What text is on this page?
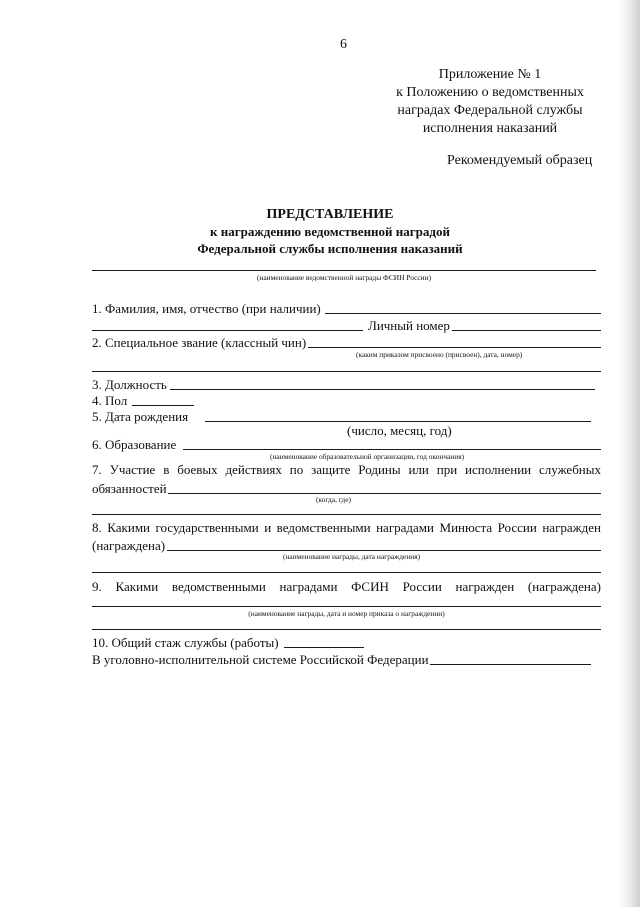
6
Приложение № 1
к Положению о ведомственных
наградах Федеральной службы
исполнения наказаний
Рекомендуемый образец
ПРЕДСТАВЛЕНИЕ
к награждению ведомственной наградой
Федеральной службы исполнения наказаний
(наименование ведомственной награды ФСИН России)
1. Фамилия, имя, отчество (при наличии)
Личный номер
2. Специальное звание (классный чин)
(каким приказом присвоено (присвоен), дата, номер)
3. Должность
4. Пол
5. Дата рождения
(число, месяц, год)
6. Образование
(наименование образовательной организации, год окончания)
7. Участие в боевых действиях по защите Родины или при исполнении служебных
обязанностей
(когда, где)
8. Какими государственными и ведомственными наградами Минюста России награжден
(награждена)
(наименование награды, дата награждения)
9. Какими ведомственными наградами ФСИН России награжден (награждена)
(наименование награды, дата и номер приказа о награждении)
10. Общий стаж службы (работы)
В уголовно-исполнительной системе Российской Федерации
